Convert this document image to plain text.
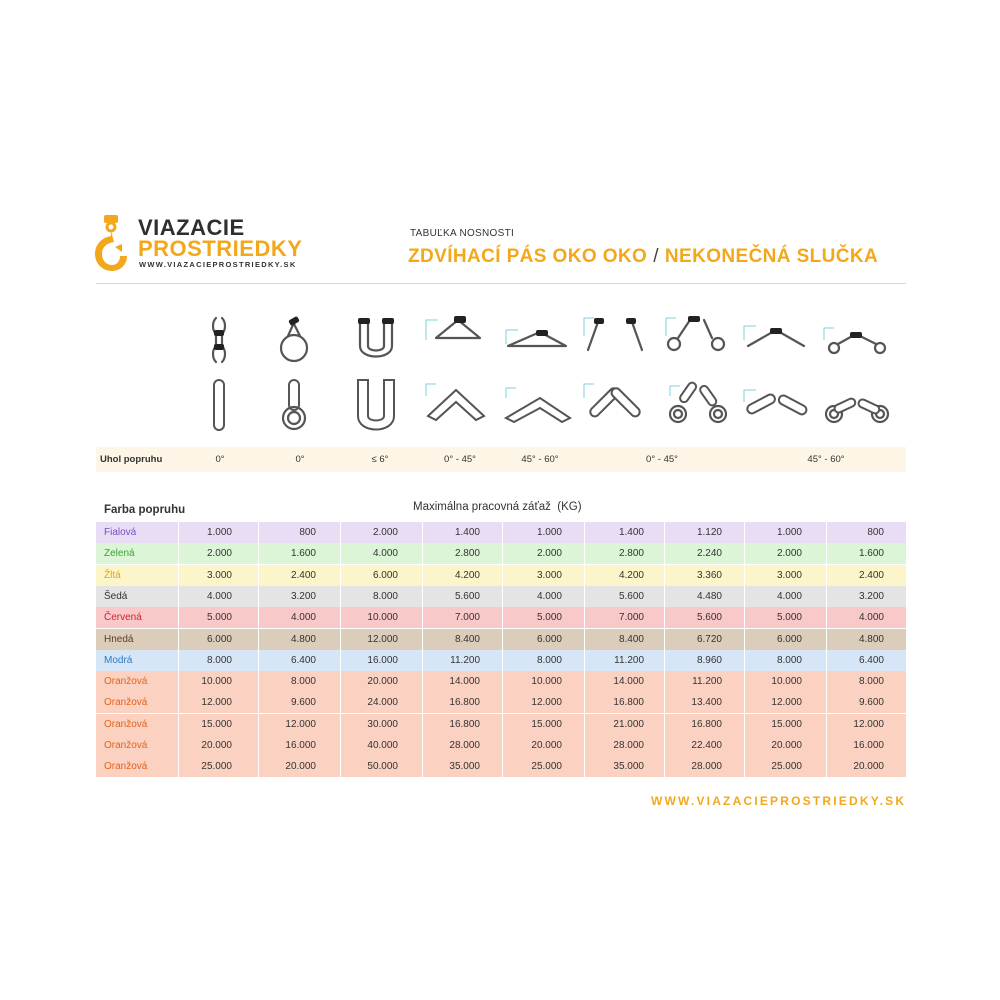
VIAZACIE
PROSTRIEDKY
WWW.VIAZACIEPROSTRIEDKY.SK
TABUĽKA NOSNOSTI
ZDVÍHACÍ PÁS OKO OKO / NEKONEČNÁ SLUČKA
Uhol popruhu	0°	0°	≤ 6°	0° - 45°	45° - 60°	0° - 45°	45° - 60°
Farba popruhu	Maximálna pracovná záťaž (KG)
Fialová	1.000	800	2.000	1.400	1.000	1.400	1.120	1.000	800
Zelená	2.000	1.600	4.000	2.800	2.000	2.800	2.240	2.000	1.600
Žltá	3.000	2.400	6.000	4.200	3.000	4.200	3.360	3.000	2.400
Šedá	4.000	3.200	8.000	5.600	4.000	5.600	4.480	4.000	3.200
Červená	5.000	4.000	10.000	7.000	5.000	7.000	5.600	5.000	4.000
Hnedá	6.000	4.800	12.000	8.400	6.000	8.400	6.720	6.000	4.800
Modrá	8.000	6.400	16.000	11.200	8.000	11.200	8.960	8.000	6.400
Oranžová	10.000	8.000	20.000	14.000	10.000	14.000	11.200	10.000	8.000
Oranžová	12.000	9.600	24.000	16.800	12.000	16.800	13.400	12.000	9.600
Oranžová	15.000	12.000	30.000	16.800	15.000	21.000	16.800	15.000	12.000
Oranžová	20.000	16.000	40.000	28.000	20.000	28.000	22.400	20.000	16.000
Oranžová	25.000	20.000	50.000	35.000	25.000	35.000	28.000	25.000	20.000
WWW.VIAZACIEPROSTRIEDKY.SK
